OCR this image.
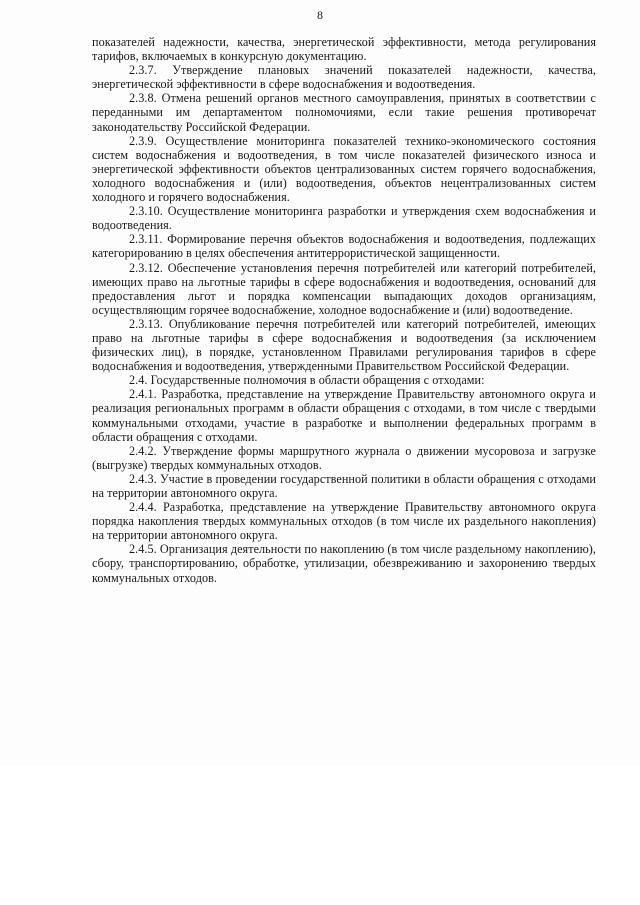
8

показателей надежности, качества, энергетической эффективности, метода регулирования тарифов, включаемых в конкурсную документацию.

2.3.7. Утверждение плановых значений показателей надежности, качества, энергетической эффективности в сфере водоснабжения и водоотведения.

2.3.8. Отмена решений органов местного самоуправления, принятых в соответствии с переданными им департаментом полномочиями, если такие решения противоречат законодательству Российской Федерации.

2.3.9. Осуществление мониторинга показателей технико-экономического состояния систем водоснабжения и водоотведения, в том числе показателей физического износа и энергетической эффективности объектов централизованных систем горячего водоснабжения, холодного водоснабжения и (или) водоотведения, объектов нецентрализованных систем холодного и горячего водоснабжения.

2.3.10. Осуществление мониторинга разработки и утверждения схем водоснабжения и водоотведения.

2.3.11. Формирование перечня объектов водоснабжения и водоотведения, подлежащих категорированию в целях обеспечения антитеррористической защищенности.

2.3.12. Обеспечение установления перечня потребителей или категорий потребителей, имеющих право на льготные тарифы в сфере водоснабжения и водоотведения, оснований для предоставления льгот и порядка компенсации выпадающих доходов организациям, осуществляющим горячее водоснабжение, холодное водоснабжение и (или) водоотведение.

2.3.13. Опубликование перечня потребителей или категорий потребителей, имеющих право на льготные тарифы в сфере водоснабжения и водоотведения (за исключением физических лиц), в порядке, установленном Правилами регулирования тарифов в сфере водоснабжения и водоотведения, утвержденными Правительством Российской Федерации.

2.4. Государственные полномочия в области обращения с отходами:

2.4.1. Разработка, представление на утверждение Правительству автономного округа и реализация региональных программ в области обращения с отходами, в том числе с твердыми коммунальными отходами, участие в разработке и выполнении федеральных программ в области обращения с отходами.

2.4.2. Утверждение формы маршрутного журнала о движении мусоровоза и загрузке (выгрузке) твердых коммунальных отходов.

2.4.3. Участие в проведении государственной политики в области обращения с отходами на территории автономного округа.

2.4.4. Разработка, представление на утверждение Правительству автономного округа порядка накопления твердых коммунальных отходов (в том числе их раздельного накопления) на территории автономного округа.

2.4.5. Организация деятельности по накоплению (в том числе раздельному накоплению), сбору, транспортированию, обработке, утилизации, обезвреживанию и захоронению твердых коммунальных отходов.
